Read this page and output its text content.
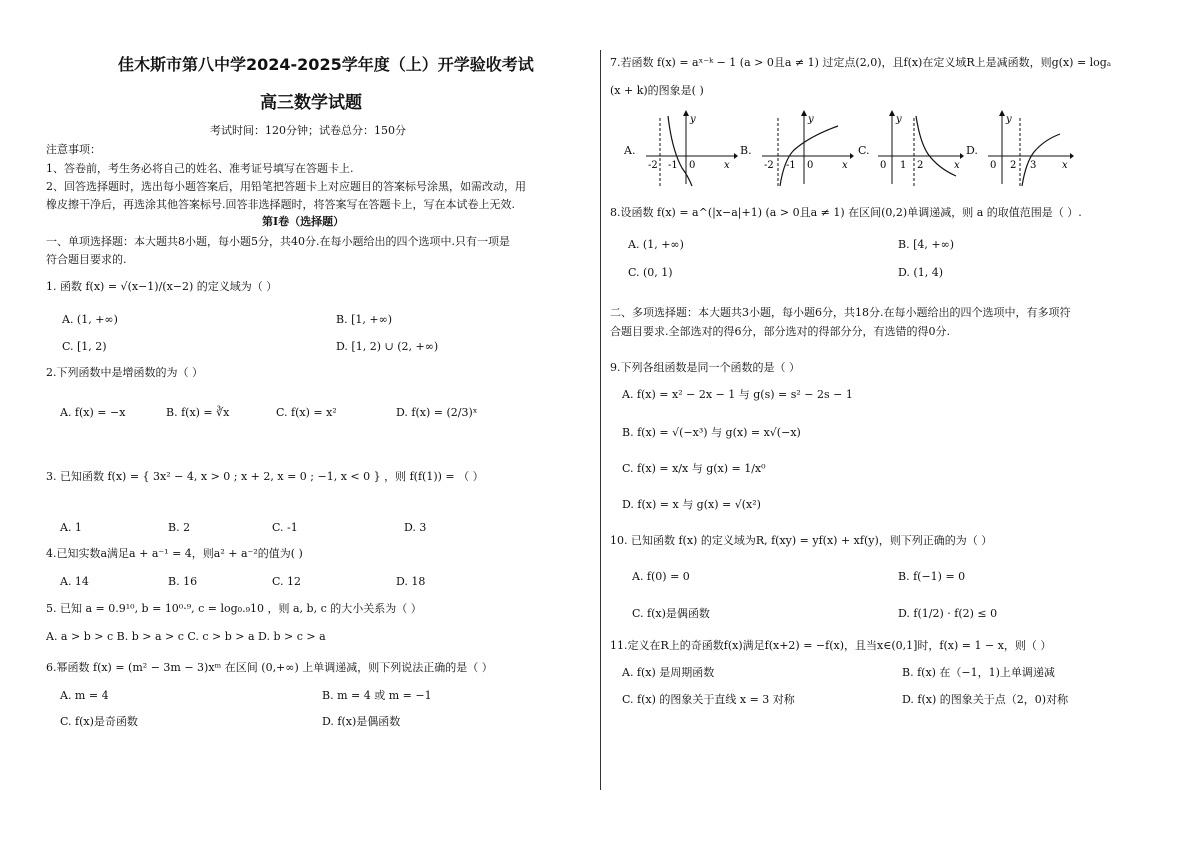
佳木斯市第八中学2024-2025学年度（上）开学验收考试
高三数学试题
考试时间：120分钟；试卷总分：150分
注意事项：
1、答卷前，考生务必将自己的姓名、准考证号填写在答题卡上.
2、回答选择题时，选出每小题答案后，用铅笔把答题卡上对应题目的答案标号涂黑，如需改动，用
橡皮擦干净后，再选涂其他答案标号.回答非选择题时，将答案写在答题卡上，写在本试卷上无效.
第Ⅰ卷（选择题）
一、单项选择题：本大题共8小题，每小题5分，共40分.在每小题给出的四个选项中.只有一项是
符合题目要求的.
1. 函数 f(x) = √(x−1)/(x−2) 的定义域为（ ）
A. (1, +∞)	B. [1, +∞)
C. [1, 2)	D. [1, 2) ∪ (2, +∞)
2.下列函数中是增函数的为（ ）
A. f(x) = −x	B. f(x) = ∛x	C. f(x) = x²	D. f(x) = (2/3)ˣ
3. 已知函数 f(x) = { 3x² − 4, x > 0 ; x + 2, x = 0 ; −1, x < 0 } ，则 f(f(1)) = （ ）
A. 1	B. 2	C. -1	D. 3
4.已知实数a满足a + a⁻¹ = 4，则a² + a⁻²的值为( )
A. 14	B. 16	C. 12	D. 18
5. 已知 a = 0.9¹⁰, b = 10⁰·⁹, c = log₀.₉10 ，则 a, b, c 的大小关系为（ ）
A. a > b > c B. b > a > c C. c > b > a D. b > c > a
6.幂函数 f(x) = (m² − 3m − 3)xᵐ 在区间 (0,+∞) 上单调递减，则下列说法正确的是（ ）
A. m = 4	B. m = 4 或 m = −1
C. f(x)是奇函数	D. f(x)是偶函数
7.若函数 f(x) = aˣ⁻ᵏ − 1 (a > 0且a ≠ 1) 过定点(2,0)，且f(x)在定义域R上是减函数，则g(x) = logₐ
(x + k)的图象是( )
A.
-2 -1 0	x
y
B.
-2 -1 0	x
y
C.
0 1 2	x
y
D.
0 2 3	x
y
8.设函数 f(x) = a^(|x−a|+1) (a > 0且a ≠ 1) 在区间(0,2)单调递减，则 a 的取值范围是（ ）.
A. (1, +∞)	B. [4, +∞)
C. (0, 1)	D. (1, 4)
二、多项选择题：本大题共3小题，每小题6分，共18分.在每小题给出的四个选项中，有多项符
合题目要求.全部选对的得6分，部分选对的得部分分，有选错的得0分.
9.下列各组函数是同一个函数的是（ ）
A. f(x) = x² − 2x − 1 与 g(s) = s² − 2s − 1
B. f(x) = √(−x³) 与 g(x) = x√(−x)
C. f(x) = x/x 与 g(x) = 1/x⁰
D. f(x) = x 与 g(x) = √(x²)
10. 已知函数 f(x) 的定义域为R, f(xy) = yf(x) + xf(y)，则下列正确的为（ ）
A. f(0) = 0	B. f(−1) = 0
C. f(x)是偶函数	D. f(1/2) · f(2) ≤ 0
11.定义在R上的奇函数f(x)满足f(x+2) = −f(x)，且当x∈(0,1]时，f(x) = 1 − x，则（ ）
A. f(x) 是周期函数	B. f(x) 在（−1，1)上单调递减
C. f(x) 的图象关于直线 x = 3 对称	D. f(x) 的图象关于点（2，0)对称
